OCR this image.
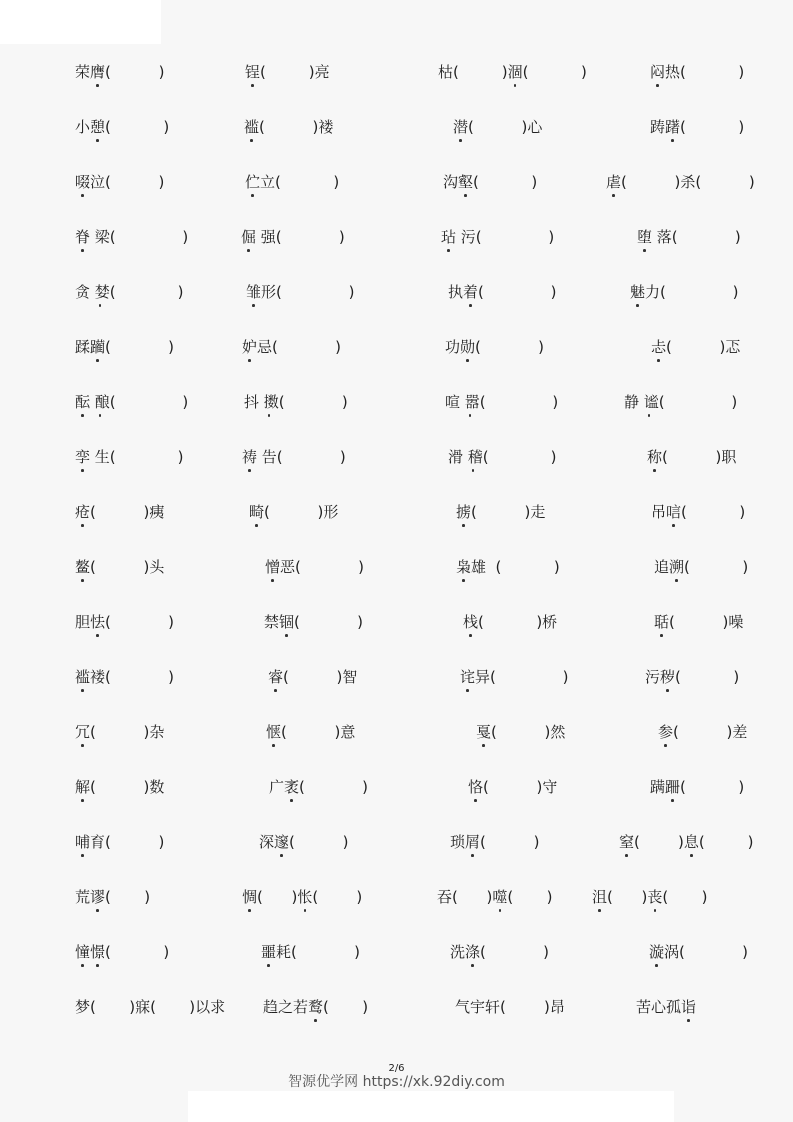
荣膺(          )	锃(         )亮	枯(         )涸(           )	闷热(           )
小憩(           )	褴(          )褛	潜(          )心	踌躇(           )
啜泣(          )	伫立(           )	沟壑(           )	虐(          )杀(          )
脊 梁(              )	倔 强(            )	玷 污(              )	堕 落(            )
贪 婪(             )	雏形(              )	执着(              )	魅力(              )
蹂躏(            )	妒忌(            )	功勋(            )	忐(          )忑
酝 酿(              )	抖 擞(            )	喧 嚣(              )	静 谧(              )
孪 生(             )	祷 告(            )	滑 稽(             )	称(          )职
疮(          )痍	畸(          )形	掳(          )走	吊唁(           )
鳌(          )头	憎恶(            )	枭雄  (           )	追溯(           )
胆怯(            )	禁锢(            )	栈(           )桥	聒(          )噪
褴褛(            )	睿(          )智	诧异(              )	污秽(           )
冗(          )杂	惬(          )意	戛(          )然	参(          )差
解(          )数	广袤(            )	恪(          )守	蹒跚(           )
哺育(          )	深邃(          )	琐屑(          )	窒(        )息(         )
荒谬(       )	惆(      )怅(        )	吞(      )噬(       )	沮(      )丧(       )
憧憬(           )	噩耗(            )	洗涤(            )	漩涡(            )
梦(       )寐(       )以求	趋之若鹜(       )	气宇轩(        )昂	苦心孤诣
2/6
智源优学网 https://xk.92diy.com
